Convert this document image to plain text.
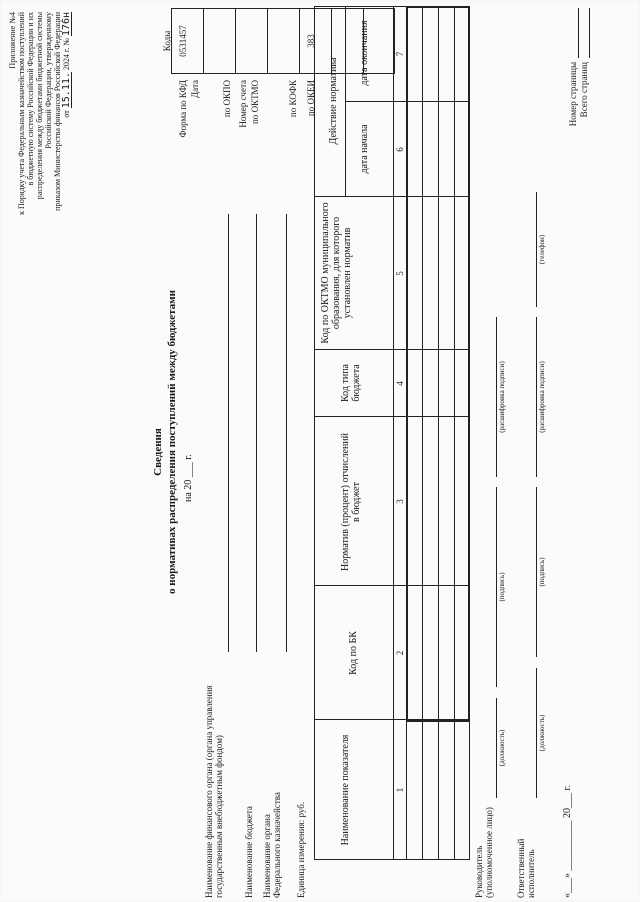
Приложение №4 к Порядку учета Федеральным казначейством поступлений в бюджетную систему Российской Федерации и их распределения между бюджетами бюджетной системы Российской Федерации, утвержденному приказом Министерства финансов Российской Федерации от 15.11. 2024 г. № 176н
Сведения о нормативах распределения поступлений между бюджетами на 20 ___ г.
Коды
Форма по КФД
0531457
Дата по ОКПО Номер счета по ОКТМО	по КОФК по ОКЕИ
383
Наименование финансового органа (органа управления государственным внебюджетным фондом) Наименование бюджета Наименование органа Федерального казначейства Единица измерения: руб.
Наименование показателя
Код по БК
Норматив (процент) отчислений в бюджет
Код типа бюджета
Код по ОКТМО муниципального образования, для которого установлен норматив
Действие норматива
дата начала
дата окончания
1
2
3
4
5
6
7
Руководитель (уполномоченное лицо)
(должность)
(подпись)
(расшифровка подписи)
Ответственный исполнитель
(должность)
(подпись)
(расшифровка подписи)
(телефон)
«___» __________ 20___ г.
Номер страницы Всего страниц
